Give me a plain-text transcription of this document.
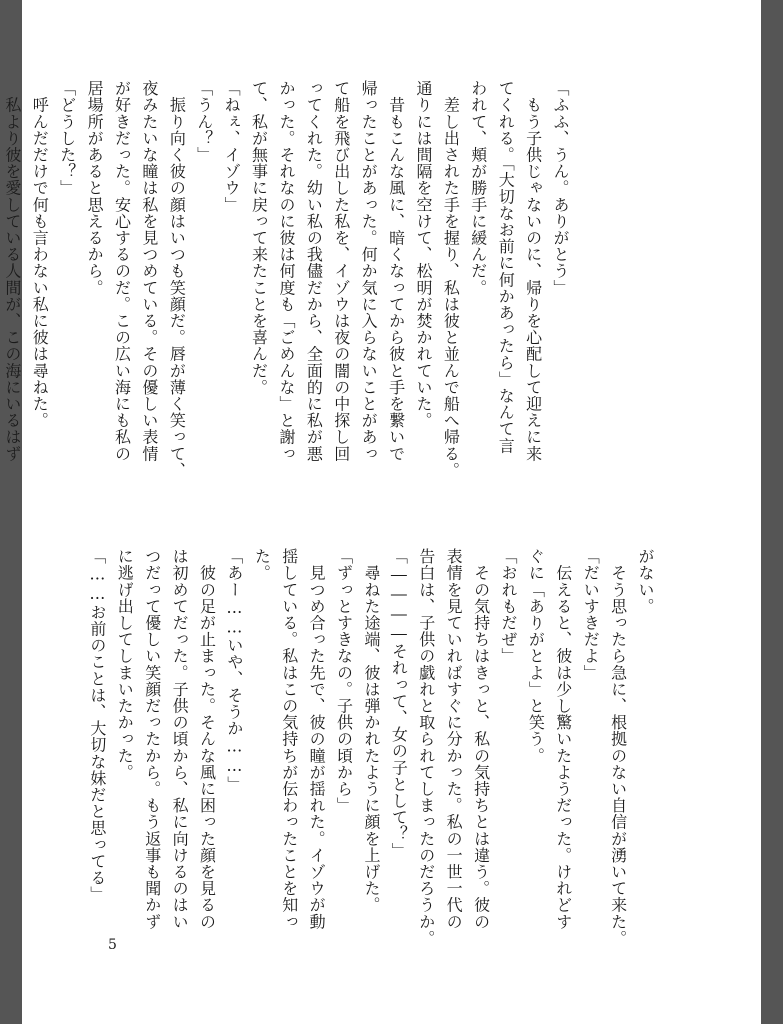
「ふふ、うん。ありがとう」
　もう子供じゃないのに、帰りを心配して迎えに来
てくれる。「大切なお前に何かあったら」なんて言
われて、頬が勝手に緩んだ。
　差し出された手を握り、私は彼と並んで船へ帰る。
通りには間隔を空けて、松明が焚かれていた。
　昔もこんな風に、暗くなってから彼と手を繋いで
帰ったことがあった。何か気に入らないことがあっ
て船を飛び出した私を、イゾウは夜の闇の中探し回
ってくれた。幼い私の我儘だから、全面的に私が悪
かった。それなのに彼は何度も「ごめんな」と謝っ
て、私が無事に戻って来たことを喜んだ。
「ねぇ、イゾウ」
「うん？」
　振り向く彼の顔はいつも笑顔だ。唇が薄く笑って、
夜みたいな瞳は私を見つめている。その優しい表情
が好きだった。安心するのだ。この広い海にも私の
居場所があると思えるから。
「どうした？」
　呼んだだけで何も言わない私に彼は尋ねた。
　私より彼を愛している人間が、この海にいるはず
がない。
　そう思ったら急に、根拠のない自信が湧いて来た。
「だいすきだよ」
　伝えると、彼は少し驚いたようだった。けれどす
ぐに「ありがとよ」と笑う。
「おれもだぜ」
　その気持ちはきっと、私の気持ちとは違う。彼の
表情を見ていればすぐに分かった。私の一世一代の
告白は、子供の戯れと取られてしまったのだろうか。
「――――それって、女の子として？」
　尋ねた途端、彼は弾かれたように顔を上げた。
「ずっとすきなの。子供の頃から」
　見つめ合った先で、彼の瞳が揺れた。イゾウが動
揺している。私はこの気持ちが伝わったことを知っ
た。
「あー……いや、そうか……」
　彼の足が止まった。そんな風に困った顔を見るの
は初めてだった。子供の頃から、私に向けるのはい
つだって優しい笑顔だったから。もう返事も聞かず
に逃げ出してしまいたかった。
「……お前のことは、大切な妹だと思ってる」
5
